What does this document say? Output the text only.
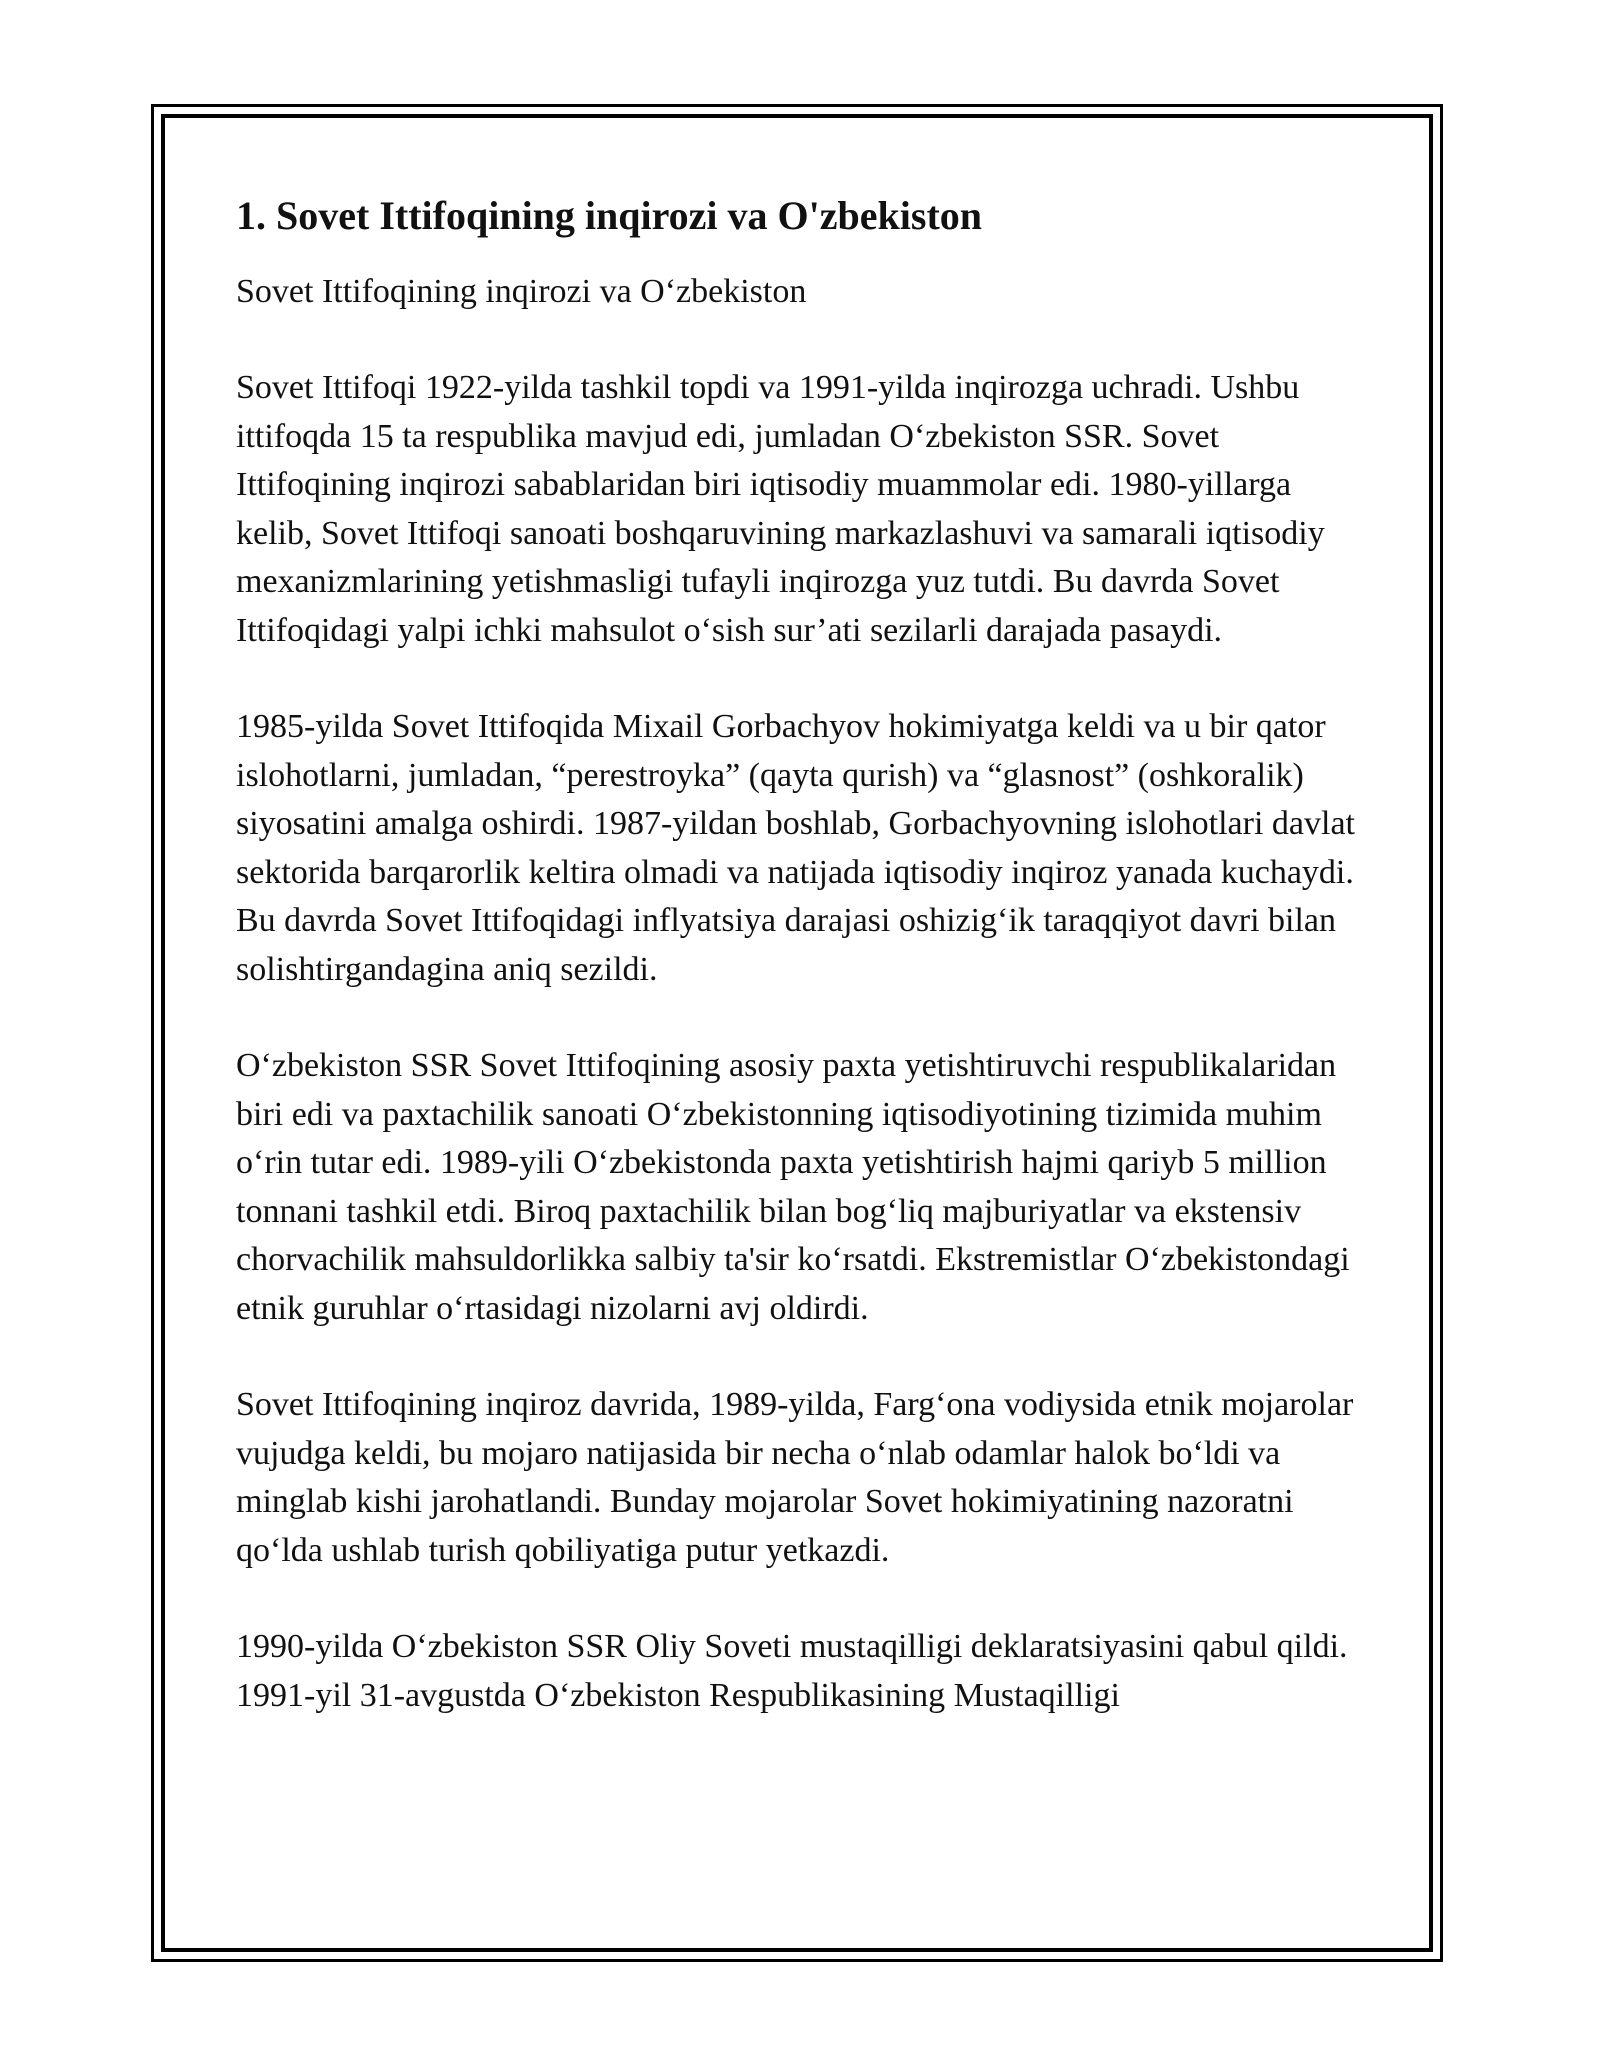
1. Sovet Ittifoqining inqirozi va O'zbekiston
Sovet Ittifoqining inqirozi va O‘zbekiston

Sovet Ittifoqi 1922-yilda tashkil topdi va 1991-yilda inqirozga uchradi. Ushbu ittifoqda 15 ta respublika mavjud edi, jumladan O‘zbekiston SSR. Sovet Ittifoqining inqirozi sabablaridan biri iqtisodiy muammolar edi. 1980-yillarga kelib, Sovet Ittifoqi sanoati boshqaruvining markazlashuvi va samarali iqtisodiy mexanizmlarining yetishmasligi tufayli inqirozga yuz tutdi. Bu davrda Sovet Ittifoqidagi yalpi ichki mahsulot o‘sish sur’ati sezilarli darajada pasaydi.

1985-yilda Sovet Ittifoqida Mixail Gorbachyov hokimiyatga keldi va u bir qator islohotlarni, jumladan, “perestroyka” (qayta qurish) va “glasnost” (oshkoralik) siyosatini amalga oshirdi. 1987-yildan boshlab, Gorbachyovning islohotlari davlat sektorida barqarorlik keltira olmadi va natijada iqtisodiy inqiroz yanada kuchaydi. Bu davrda Sovet Ittifoqidagi inflyatsiya darajasi oshizig‘ik taraqqiyot davri bilan solishtirgandagina aniq sezildi.

O‘zbekiston SSR Sovet Ittifoqining asosiy paxta yetishtiruvchi respublikalaridan biri edi va paxtachilik sanoati O‘zbekistonning iqtisodiyotining tizimida muhim o‘rin tutar edi. 1989-yili O‘zbekistonda paxta yetishtirish hajmi qariyb 5 million tonnani tashkil etdi. Biroq paxtachilik bilan bog‘liq majburiyatlar va ekstensiv chorvachilik mahsuldorlikka salbiy ta'sir ko‘rsatdi. Ekstremistlar O‘zbekistondagi etnik guruhlar o‘rtasidagi nizolarni avj oldirdi.

Sovet Ittifoqining inqiroz davrida, 1989-yilda, Farg‘ona vodiysida etnik mojarolar vujudga keldi, bu mojaro natijasida bir necha o‘nlab odamlar halok bo‘ldi va minglab kishi jarohatlandi. Bunday mojarolar Sovet hokimiyatining nazoratni qo‘lda ushlab turish qobiliyatiga putur yetkazdi.

1990-yilda O‘zbekiston SSR Oliy Soveti mustaqilligi deklaratsiyasini qabul qildi. 1991-yil 31-avgustda O‘zbekiston Respublikasining Mustaqilligi
